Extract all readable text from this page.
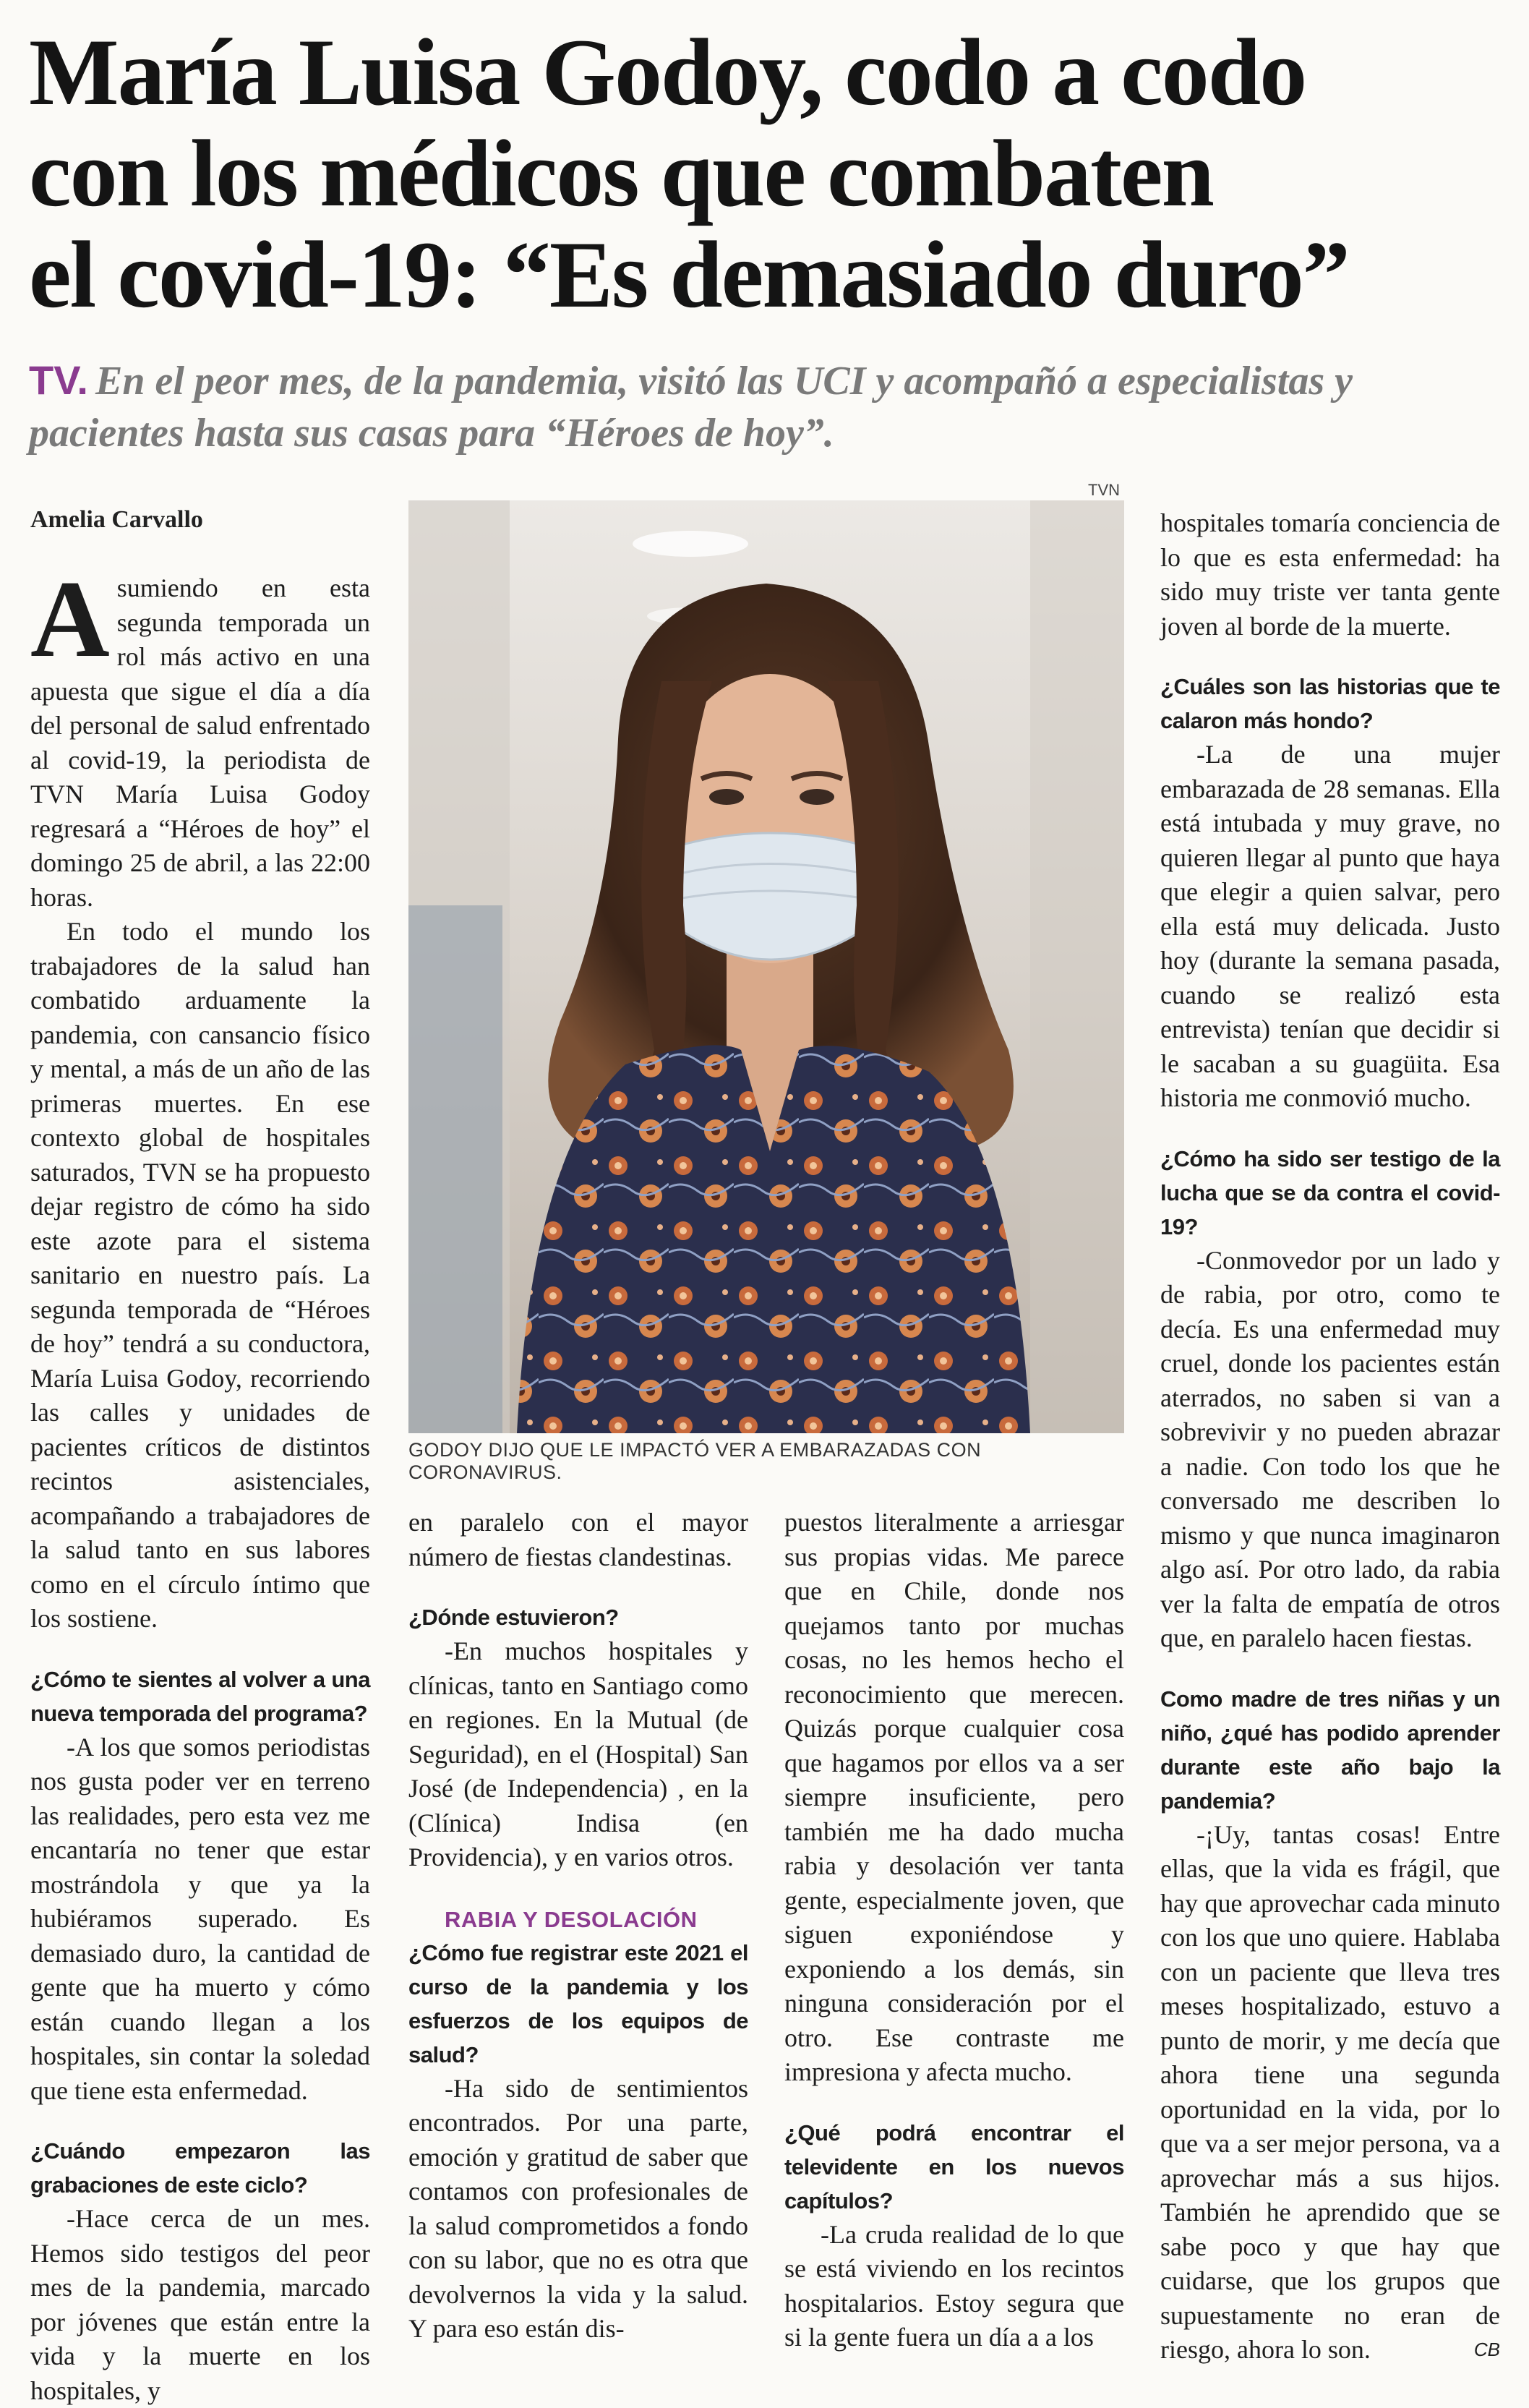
María Luisa Godoy, codo a codo
con los médicos que combaten
el covid-19: “Es demasiado duro”
TV. En el peor mes, de la pandemia, visitó las UCI y acompañó a especialistas y pacientes hasta sus casas para “Héroes de hoy”.
Amelia Carvallo
TVN
GODOY DIJO QUE LE IMPACTÓ VER A EMBARAZADAS CON CORONAVIRUS.

Asumiendo en esta segunda temporada un rol más activo en una apuesta que sigue el día a día del personal de salud enfrentado al covid-19, la periodista de TVN María Luisa Godoy regresará a “Héroes de hoy” el domingo 25 de abril, a las 22:00 horas.

En todo el mundo los trabajadores de la salud han combatido arduamente la pandemia, con cansancio físico y mental, a más de un año de las primeras muertes. En ese contexto global de hospitales saturados, TVN se ha propuesto dejar registro de cómo ha sido este azote para el sistema sanitario en nuestro país. La segunda temporada de “Héroes de hoy” tendrá a su conductora, María Luisa Godoy, recorriendo las calles y unidades de pacientes críticos de distintos recintos asistenciales, acompañando a trabajadores de la salud tanto en sus labores como en el círculo íntimo que los sostiene.

¿Cómo te sientes al volver a una nueva temporada del programa?

-A los que somos periodistas nos gusta poder ver en terreno las realidades, pero esta vez me encantaría no tener que estar mostrándola y que ya la hubiéramos superado. Es demasiado duro, la cantidad de gente que ha muerto y cómo están cuando llegan a los hospitales, sin contar la soledad que tiene esta enfermedad.

¿Cuándo empezaron las grabaciones de este ciclo?

-Hace cerca de un mes. Hemos sido testigos del peor mes de la pandemia, marcado por jóvenes que están entre la vida y la muerte en los hospitales, y

en paralelo con el mayor número de fiestas clandestinas.

¿Dónde estuvieron?

-En muchos hospitales y clínicas, tanto en Santiago como en regiones. En la Mutual (de Seguridad), en el (Hospital) San José (de Independencia) , en la (Clínica) Indisa (en Providencia), y en varios otros.

RABIA Y DESOLACIÓN

¿Cómo fue registrar este 2021 el curso de la pandemia y los esfuerzos de los equipos de salud?

-Ha sido de sentimientos encontrados. Por una parte, emoción y gratitud de saber que contamos con profesionales de la salud comprometidos a fondo con su labor, que no es otra que devolvernos la vida y la salud. Y para eso están dis-

puestos literalmente a arriesgar sus propias vidas. Me parece que en Chile, donde nos quejamos tanto por muchas cosas, no les hemos hecho el reconocimiento que merecen. Quizás porque cualquier cosa que hagamos por ellos va a ser siempre insuficiente, pero también me ha dado mucha rabia y desolación ver tanta gente, especialmente joven, que siguen exponiéndose y exponiendo a los demás, sin ninguna consideración por el otro. Ese contraste me impresiona y afecta mucho.

¿Qué podrá encontrar el televidente en los nuevos capítulos?

-La cruda realidad de lo que se está viviendo en los recintos hospitalarios. Estoy segura que si la gente fuera un día a a los

hospitales tomaría conciencia de lo que es esta enfermedad: ha sido muy triste ver tanta gente joven al borde de la muerte.

¿Cuáles son las historias que te calaron más hondo?

-La de una mujer embarazada de 28 semanas. Ella está intubada y muy grave, no quieren llegar al punto que haya que elegir a quien salvar, pero ella está muy delicada. Justo hoy (durante la semana pasada, cuando se realizó esta entrevista) tenían que decidir si le sacaban a su guagüita. Esa historia me conmovió mucho.

¿Cómo ha sido ser testigo de la lucha que se da contra el covid-19?

-Conmovedor por un lado y de rabia, por otro, como te decía. Es una enfermedad muy cruel, donde los pacientes están aterrados, no saben si van a sobrevivir y no pueden abrazar a nadie. Con todo los que he conversado me describen lo mismo y que nunca imaginaron algo así. Por otro lado, da rabia ver la falta de empatía de otros que, en paralelo hacen fiestas.

Como madre de tres niñas y un niño, ¿qué has podido aprender durante este año bajo la pandemia?

-¡Uy, tantas cosas! Entre ellas, que la vida es frágil, que hay que aprovechar cada minuto con los que uno quiere. Hablaba con un paciente que lleva tres meses hospitalizado, estuvo a punto de morir, y me decía que ahora tiene una segunda oportunidad en la vida, por lo que va a ser mejor persona, va a aprovechar más a sus hijos. También he aprendido que se sabe poco y que hay que cuidarse, que los grupos que supuestamente no eran de riesgo, ahora lo son.	CB
